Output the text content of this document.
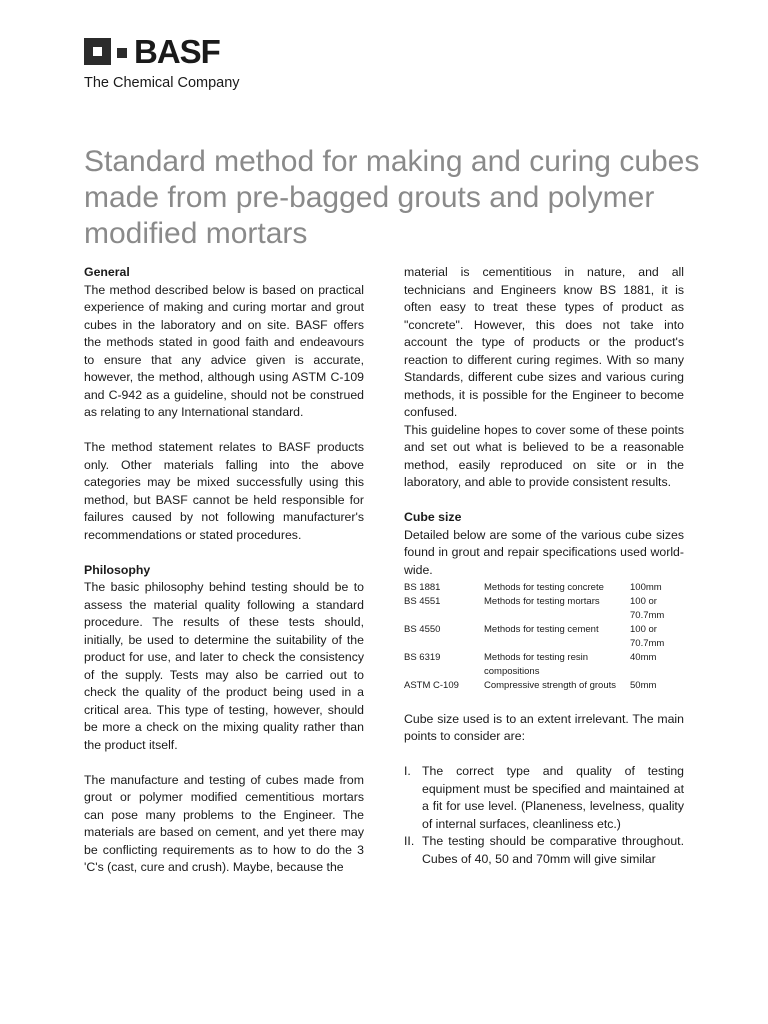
BASF
The Chemical Company
Standard method for making and curing cubes made from pre-bagged grouts and polymer modified mortars
General

The method described below is based on practical experience of making and curing mortar and grout cubes in the laboratory and on site. BASF offers the methods stated in good faith and endeavours to ensure that any advice given is accurate, however, the method, although using ASTM C-109 and C-942 as a guideline, should not be construed as relating to any International standard.

The method statement relates to BASF products only. Other materials falling into the above categories may be mixed successfully using this method, but BASF cannot be held responsible for failures caused by not following manufacturer's recommendations or stated procedures.

Philosophy

The basic philosophy behind testing should be to assess the material quality following a standard procedure. The results of these tests should, initially, be used to determine the suitability of the product for use, and later to check the consistency of the supply. Tests may also be carried out to check the quality of the product being used in a critical area. This type of testing, however, should be more a check on the mixing quality rather than the product itself.

The manufacture and testing of cubes made from grout or polymer modified cementitious mortars can pose many problems to the Engineer. The materials are based on cement, and yet there may be conflicting requirements as to how to do the 3 'C's (cast, cure and crush). Maybe, because the

material is cementitious in nature, and all technicians and Engineers know BS 1881, it is often easy to treat these types of product as "concrete". However, this does not take into account the type of products or the product's reaction to different curing regimes. With so many Standards, different cube sizes and various curing methods, it is possible for the Engineer to become confused.

This guideline hopes to cover some of these points and set out what is believed to be a reasonable method, easily reproduced on site or in the laboratory, and able to provide consistent results.

Cube size

Detailed below are some of the various cube sizes found in grout and repair specifications used world-wide.

BS 1881	Methods for testing concrete	100mm
BS 4551	Methods for testing mortars	100 or 70.7mm
BS 4550	Methods for testing cement	100 or 70.7mm
BS 6319	Methods for testing resin compositions	40mm
ASTM C-109	Compressive strength of grouts	50mm

Cube size used is to an extent irrelevant. The main points to consider are:

I. The correct type and quality of testing equipment must be specified and maintained at a fit for use level. (Planeness, levelness, quality of internal surfaces, cleanliness etc.)
II. The testing should be comparative throughout. Cubes of 40, 50 and 70mm will give similar
